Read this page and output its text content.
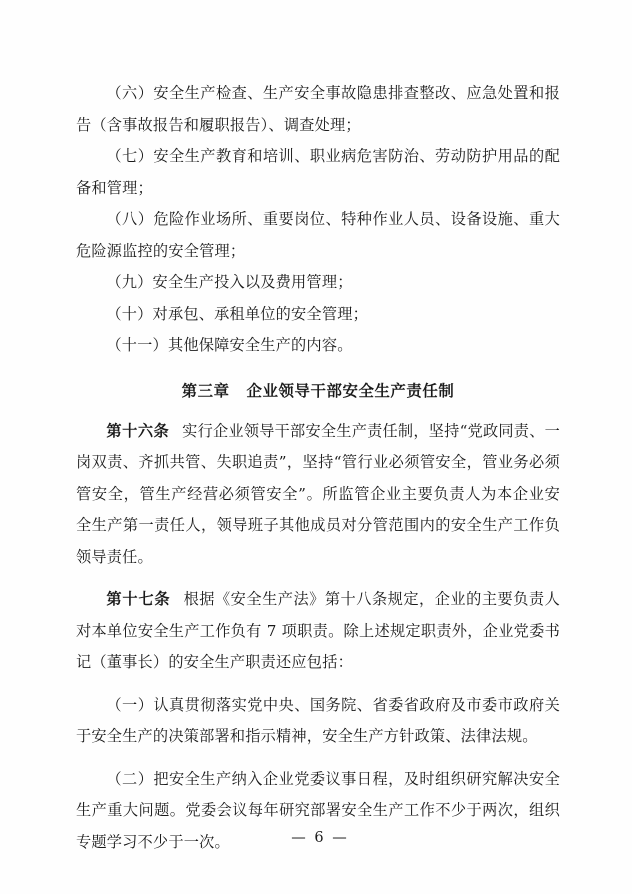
（六）安全生产检查、生产安全事故隐患排查整改、应急处置和报告（含事故报告和履职报告）、调查处理；

（七）安全生产教育和培训、职业病危害防治、劳动防护用品的配备和管理；

（八）危险作业场所、重要岗位、特种作业人员、设备设施、重大危险源监控的安全管理；

（九）安全生产投入以及费用管理；

（十）对承包、承租单位的安全管理；

（十一）其他保障安全生产的内容。

第三章 企业领导干部安全生产责任制

第十六条 实行企业领导干部安全生产责任制，坚持“党政同责、一岗双责、齐抓共管、失职追责”，坚持“管行业必须管安全，管业务必须管安全，管生产经营必须管安全”。所监管企业主要负责人为本企业安全生产第一责任人，领导班子其他成员对分管范围内的安全生产工作负领导责任。

第十七条 根据《安全生产法》第十八条规定，企业的主要负责人对本单位安全生产工作负有 7 项职责。除上述规定职责外，企业党委书记（董事长）的安全生产职责还应包括：

（一）认真贯彻落实党中央、国务院、省委省政府及市委市政府关于安全生产的决策部署和指示精神，安全生产方针政策、法律法规。

（二）把安全生产纳入企业党委议事日程，及时组织研究解决安全生产重大问题。党委会议每年研究部署安全生产工作不少于两次，组织专题学习不少于一次。	— 6 —
